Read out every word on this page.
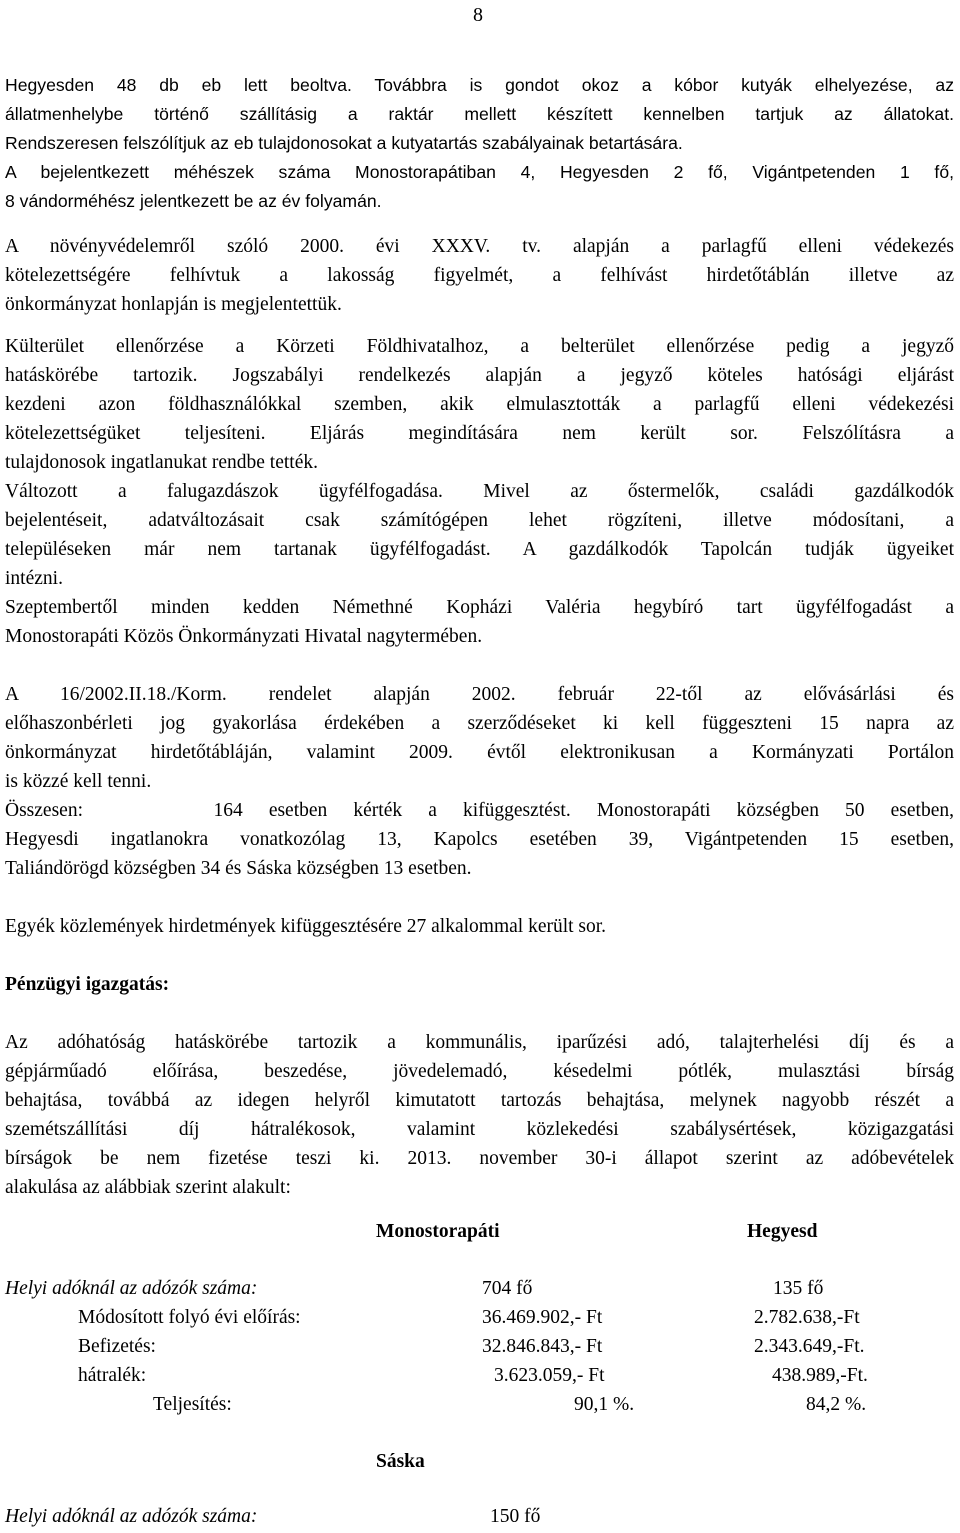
8
Hegyesden 48 db eb lett beoltva. Továbbra is gondot okoz a kóbor kutyák elhelyezése, az
állatmenhelybe történő szállításig a raktár mellett készített kennelben tartjuk az állatokat.
Rendszeresen felszólítjuk az eb tulajdonosokat a kutyatartás szabályainak betartására.
A bejelentkezett méhészek száma Monostorapátiban 4, Hegyesden 2 fő, Vigántpetenden 1 fő,
8 vándorméhész jelentkezett be az év folyamán.
A növényvédelemről szóló 2000. évi XXXV. tv. alapján a parlagfű elleni védekezés
kötelezettségére felhívtuk a lakosság figyelmét, a felhívást hirdetőtáblán illetve az
önkormányzat honlapján is megjelentettük.
Külterület ellenőrzése a Körzeti Földhivatalhoz, a belterület ellenőrzése pedig a jegyző
hatáskörébe tartozik. Jogszabályi rendelkezés alapján a jegyző köteles hatósági eljárást
kezdeni azon földhasználókkal szemben, akik elmulasztották a parlagfű elleni védekezési
kötelezettségüket teljesíteni. Eljárás megindítására nem került sor. Felszólításra a
tulajdonosok ingatlanukat rendbe tették.
Változott a falugazdászok ügyfélfogadása. Mivel az őstermelők, családi gazdálkodók
bejelentéseit, adatváltozásait csak számítógépen lehet rögzíteni, illetve módosítani, a
településeken már nem tartanak ügyfélfogadást. A gazdálkodók Tapolcán tudják ügyeiket
intézni.
Szeptembertől minden kedden Némethné Kopházi Valéria hegybíró tart ügyfélfogadást a
Monostorapáti Közös Önkormányzati Hivatal nagytermében.
A 16/2002.II.18./Korm. rendelet alapján 2002. február 22-től az elővásárlási és
előhaszonbérleti jog gyakorlása érdekében a szerződéseket ki kell függeszteni 15 napra az
önkormányzat hirdetőtábláján, valamint 2009. évtől elektronikusan a Kormányzati Portálon
is közzé kell tenni.
Összesen:     164 esetben kérték a kifüggesztést. Monostorapáti községben 50 esetben,
Hegyesdi ingatlanokra vonatkozólag 13, Kapolcs esetében 39, Vigántpetenden 15 esetben,
Taliándörögd községben 34 és Sáska községben 13 esetben.
Egyék közlemények hirdetmények kifüggesztésére 27 alkalommal került sor.
Pénzügyi igazgatás:
Az adóhatóság hatáskörébe tartozik a kommunális, iparűzési adó, talajterhelési díj és a
gépjárműadó előírása, beszedése, jövedelemadó, késedelmi pótlék, mulasztási bírság
behajtása, továbbá az idegen helyről kimutatott tartozás behajtása, melynek nagyobb részét a
szemétszállítási díj hátralékosok, valamint közlekedési szabálysértések, közigazgatási
bírságok be nem fizetése teszi ki. 2013. november 30-i állapot szerint az adóbevételek
alakulása az alábbiak szerint alakult:
Monostorapáti	Hegyesd
Helyi adóknál az adózók száma:	704 fő	135 fő
Módosított folyó évi előírás:	36.469.902,- Ft	2.782.638,-Ft
Befizetés:	32.846.843,- Ft	2.343.649,-Ft.
hátralék:	3.623.059,- Ft	438.989,-Ft.
Teljesítés:	90,1 %.	84,2 %.
Sáska
Helyi adóknál az adózók száma:	150 fő
